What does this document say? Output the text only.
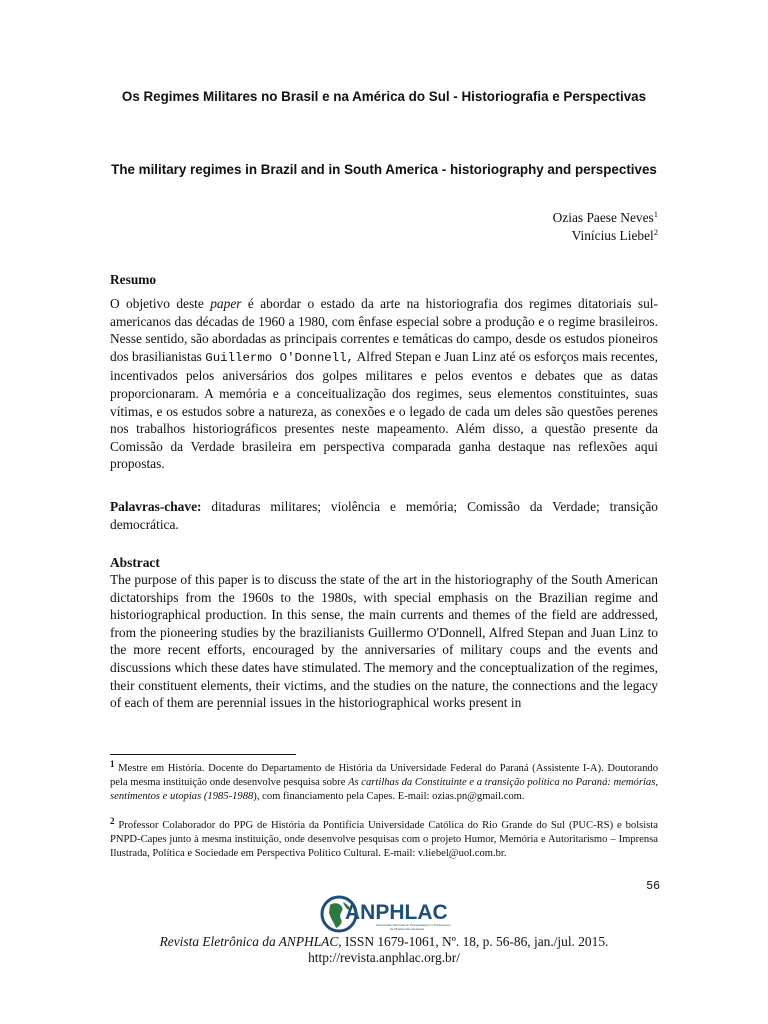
Os Regimes Militares no Brasil e na América do Sul - Historiografia e Perspectivas
The military regimes in Brazil and in South America - historiography and perspectives
Ozias Paese Neves$^1$
Vinícius Liebel$^2$
Resumo
O objetivo deste paper é abordar o estado da arte na historiografia dos regimes ditatoriais sul-americanos das décadas de 1960 a 1980, com ênfase especial sobre a produção e o regime brasileiros. Nesse sentido, são abordadas as principais correntes e temáticas do campo, desde os estudos pioneiros dos brasilianistas Guillermo O'Donnell, Alfred Stepan e Juan Linz até os esforços mais recentes, incentivados pelos aniversários dos golpes militares e pelos eventos e debates que as datas proporcionaram. A memória e a conceitualização dos regimes, seus elementos constituintes, suas vítimas, e os estudos sobre a natureza, as conexões e o legado de cada um deles são questões perenes nos trabalhos historiográficos presentes neste mapeamento. Além disso, a questão presente da Comissão da Verdade brasileira em perspectiva comparada ganha destaque nas reflexões aqui propostas.
Palavras-chave: ditaduras militares; violência e memória; Comissão da Verdade; transição democrática.
Abstract
The purpose of this paper is to discuss the state of the art in the historiography of the South American dictatorships from the 1960s to the 1980s, with special emphasis on the Brazilian regime and historiographical production. In this sense, the main currents and themes of the field are addressed, from the pioneering studies by the brazilianists Guillermo O'Donnell, Alfred Stepan and Juan Linz to the more recent efforts, encouraged by the anniversaries of military coups and the events and discussions which these dates have stimulated. The memory and the conceptualization of the regimes, their constituent elements, their victims, and the studies on the nature, the connections and the legacy of each of them are perennial issues in the historiographical works present in
$^1$ Mestre em História. Docente do Departamento de História da Universidade Federal do Paraná (Assistente I-A). Doutorando pela mesma instituição onde desenvolve pesquisa sobre As cartilhas da Constituinte e a transição política no Paraná: memórias, sentimentos e utopias (1985-1988), com financiamento pela Capes. E-mail: ozias.pn@gmail.com.
$^2$ Professor Colaborador do PPG de História da Pontifícia Universidade Católica do Rio Grande do Sul (PUC-RS) e bolsista PNPD-Capes junto à mesma instituição, onde desenvolve pesquisas com o projeto Humor, Memória e Autoritarismo – Imprensa Ilustrada, Política e Sociedade em Perspectiva Político Cultural. E-mail: v.liebel@uol.com.br.
56
ANPHLAC
Associação Nacional de Pesquisadores e Professores
de História das Américas
Revista Eletrônica da ANPHLAC, ISSN 1679-1061, Nº. 18, p. 56-86, jan./jul. 2015.
http://revista.anphlac.org.br/
